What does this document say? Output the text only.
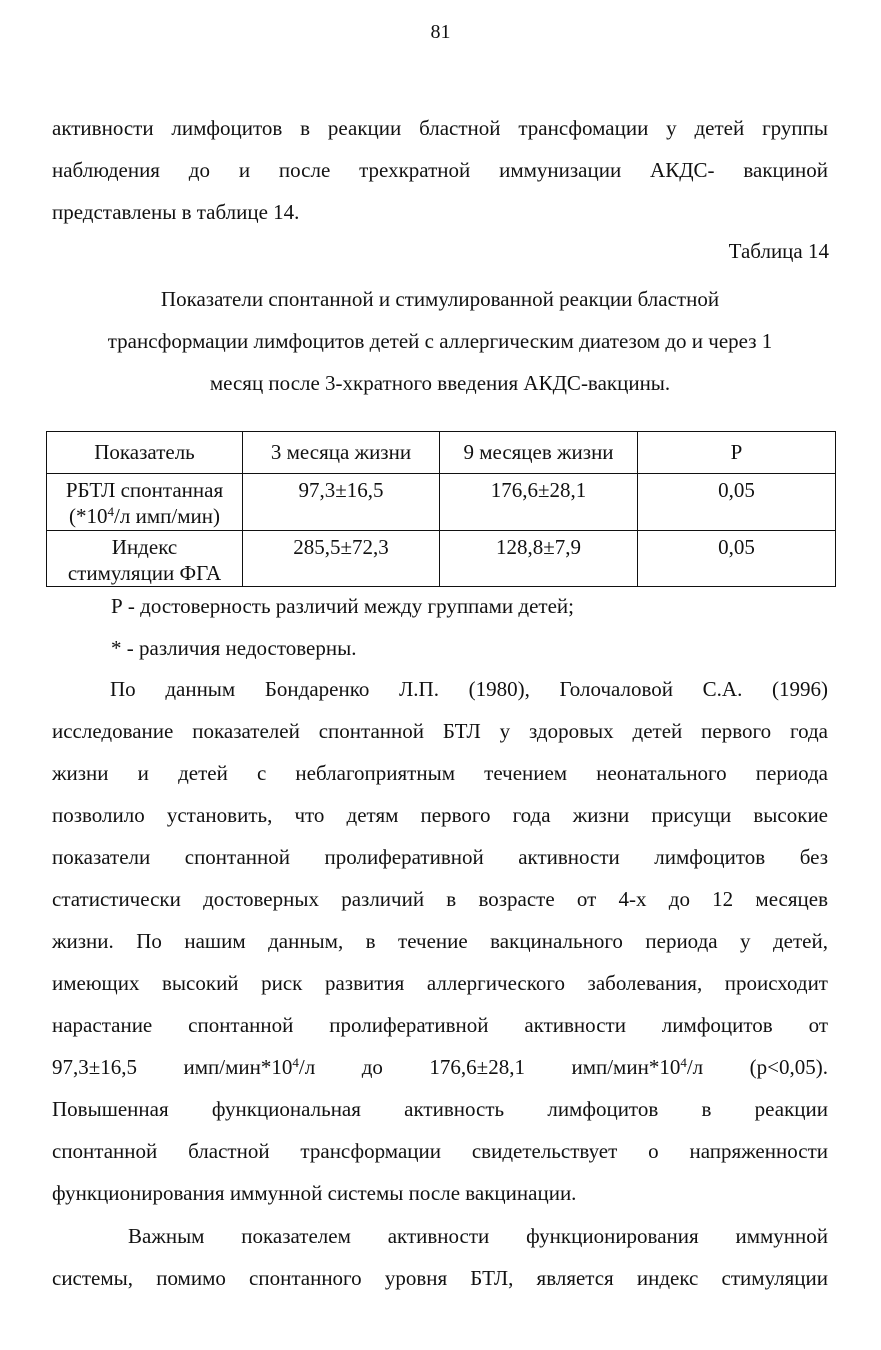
81

активности лимфоцитов в реакции бластной трансфомации у детей группы

наблюдения до и после трехкратной иммунизации АКДС- вакциной

представлены в таблице 14.

Таблица 14
Показатели спонтанной и стимулированной реакции бластной
трансформации лимфоцитов детей с аллергическим диатезом до и через 1
месяц после 3-хкратного введения АКДС-вакцины.
Показатель	3 месяца жизни	9 месяцев жизни	Р

РБТЛ спонтанная
($*10^4/л$ имп/мин)	97,3±16,5	176,6±28,1	0,05

Индекс
стимуляции ФГА	285,5±72,3	128,8±7,9	0,05

Р - достоверность различий между группами детей;

* - различия недостоверны.

По данным Бондаренко Л.П. (1980), Голочаловой С.А. (1996)

исследование показателей спонтанной БТЛ у здоровых детей первого года

жизни и детей с неблагоприятным течением неонатального периода

позволило установить, что детям первого года жизни присущи высокие

показатели спонтанной пролиферативной активности лимфоцитов без

статистически достоверных различий в возрасте от 4-х до 12 месяцев

жизни. По нашим данным, в течение вакцинального периода у детей,

имеющих высокий риск развития аллергического заболевания, происходит

нарастание спонтанной пролиферативной активности лимфоцитов от

97,3±16,5 имп/$мин*10^4/л$ до 176,6±28,1 имп/$мин*10^4/л$ (р<0,05).

Повышенная функциональная активность лимфоцитов в реакции

спонтанной бластной трансформации свидетельствует о напряженности

функционирования иммунной системы после вакцинации.

Важным показателем активности функционирования иммунной

системы, помимо спонтанного уровня БТЛ, является индекс стимуляции
